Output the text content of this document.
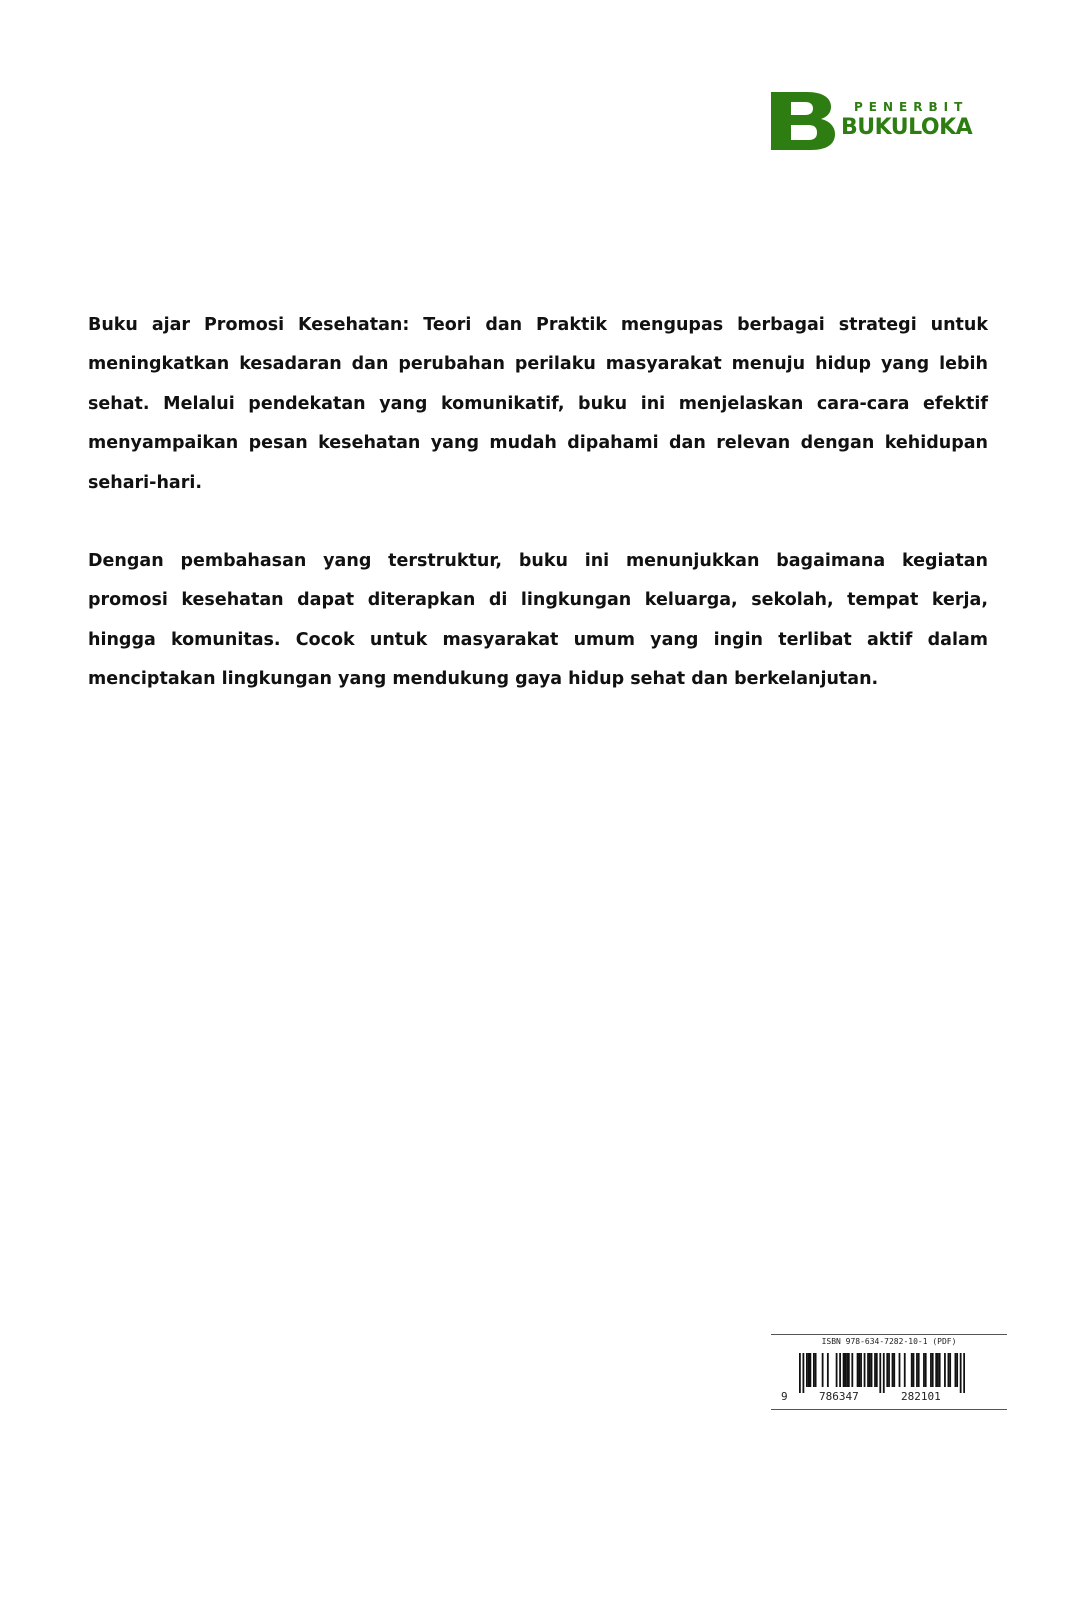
PENERBIT
BUKULOKA

Buku ajar Promosi Kesehatan: Teori dan Praktik mengupas berbagai strategi untuk meningkatkan kesadaran dan perubahan perilaku masyarakat menuju hidup yang lebih sehat. Melalui pendekatan yang komunikatif, buku ini menjelaskan cara-cara efektif menyampaikan pesan kesehatan yang mudah dipahami dan relevan dengan kehidupan sehari-hari.

Dengan pembahasan yang terstruktur, buku ini menunjukkan bagaimana kegiatan promosi kesehatan dapat diterapkan di lingkungan keluarga, sekolah, tempat kerja, hingga komunitas. Cocok untuk masyarakat umum yang ingin terlibat aktif dalam menciptakan lingkungan yang mendukung gaya hidup sehat dan berkelanjutan.

ISBN 978-634-7282-10-1 (PDF)
9	786347	282101
